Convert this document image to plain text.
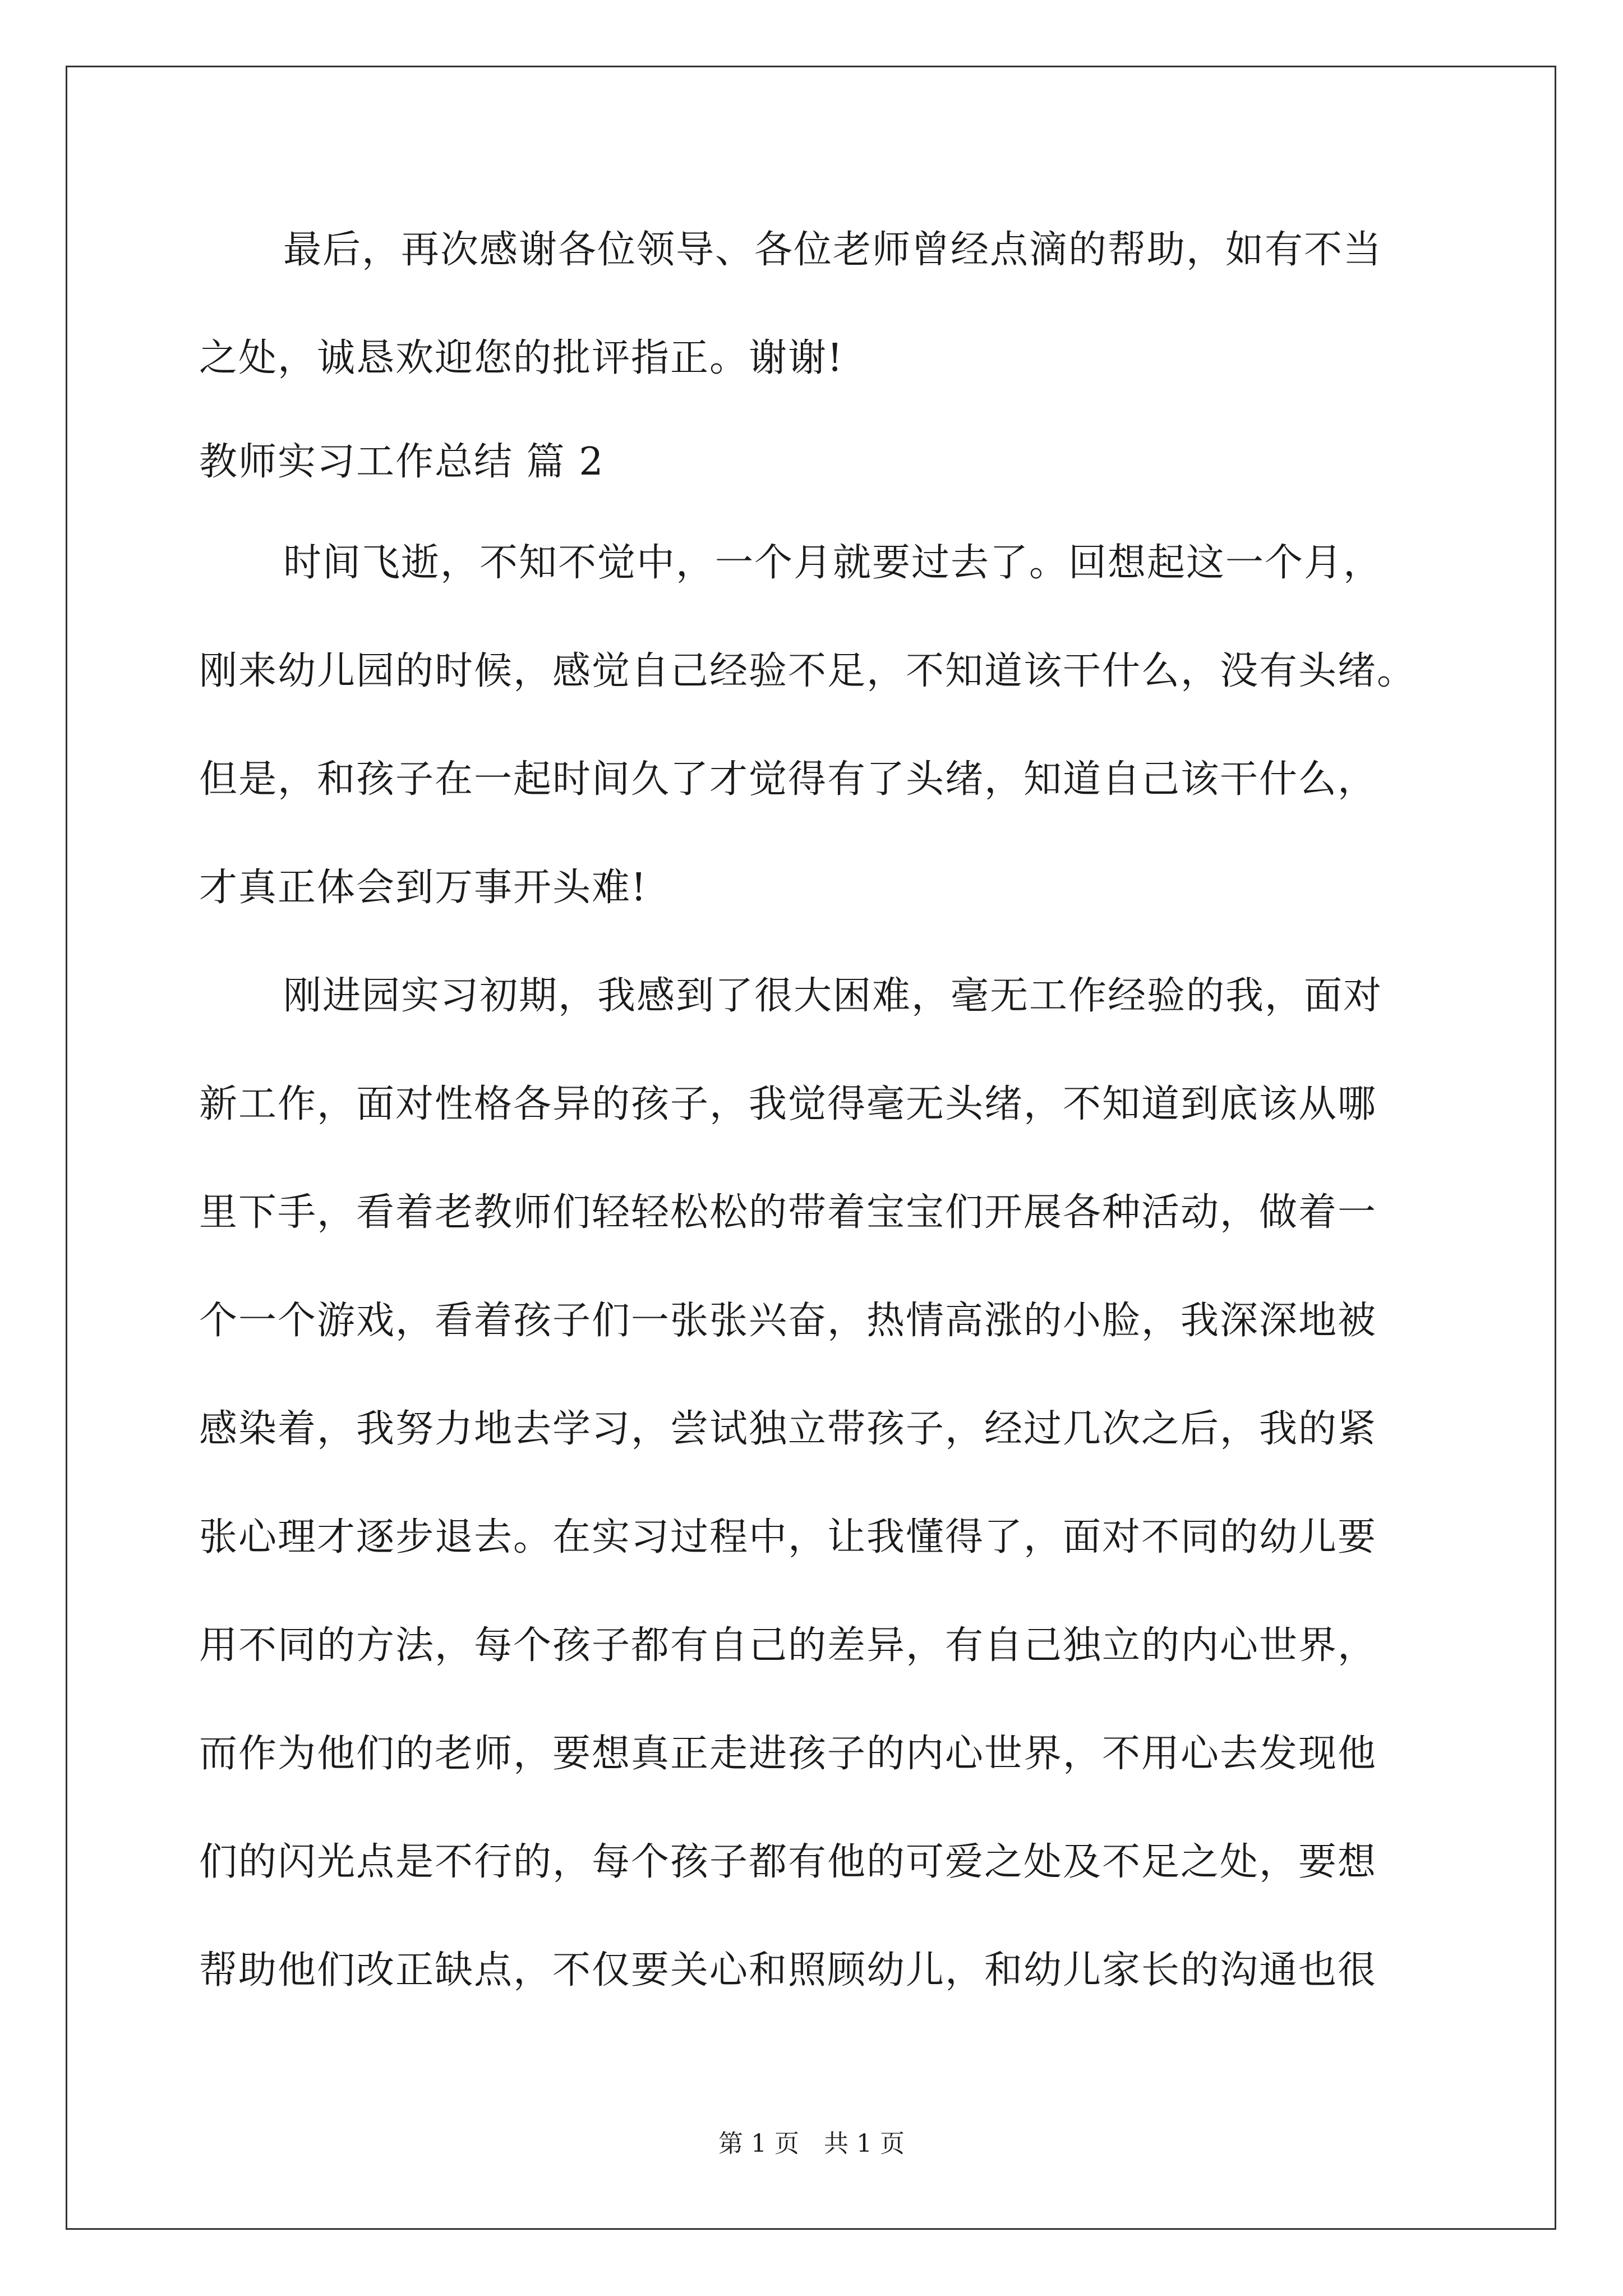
最后，再次感谢各位领导、各位老师曾经点滴的帮助，如有不当

之处，诚恳欢迎您的批评指正。谢谢!

教师实习工作总结 篇 2

时间飞逝，不知不觉中，一个月就要过去了。回想起这一个月，

刚来幼儿园的时候，感觉自己经验不足，不知道该干什么，没有头绪。

但是，和孩子在一起时间久了才觉得有了头绪，知道自己该干什么，

才真正体会到万事开头难!

刚进园实习初期，我感到了很大困难，毫无工作经验的我，面对

新工作，面对性格各异的孩子，我觉得毫无头绪，不知道到底该从哪

里下手，看着老教师们轻轻松松的带着宝宝们开展各种活动，做着一

个一个游戏，看着孩子们一张张兴奋，热情高涨的小脸，我深深地被

感染着，我努力地去学习，尝试独立带孩子，经过几次之后，我的紧

张心理才逐步退去。在实习过程中，让我懂得了，面对不同的幼儿要

用不同的方法，每个孩子都有自己的差异，有自己独立的内心世界，

而作为他们的老师，要想真正走进孩子的内心世界，不用心去发现他

们的闪光点是不行的，每个孩子都有他的可爱之处及不足之处，要想

帮助他们改正缺点，不仅要关心和照顾幼儿，和幼儿家长的沟通也很

第 1 页　共 1 页
